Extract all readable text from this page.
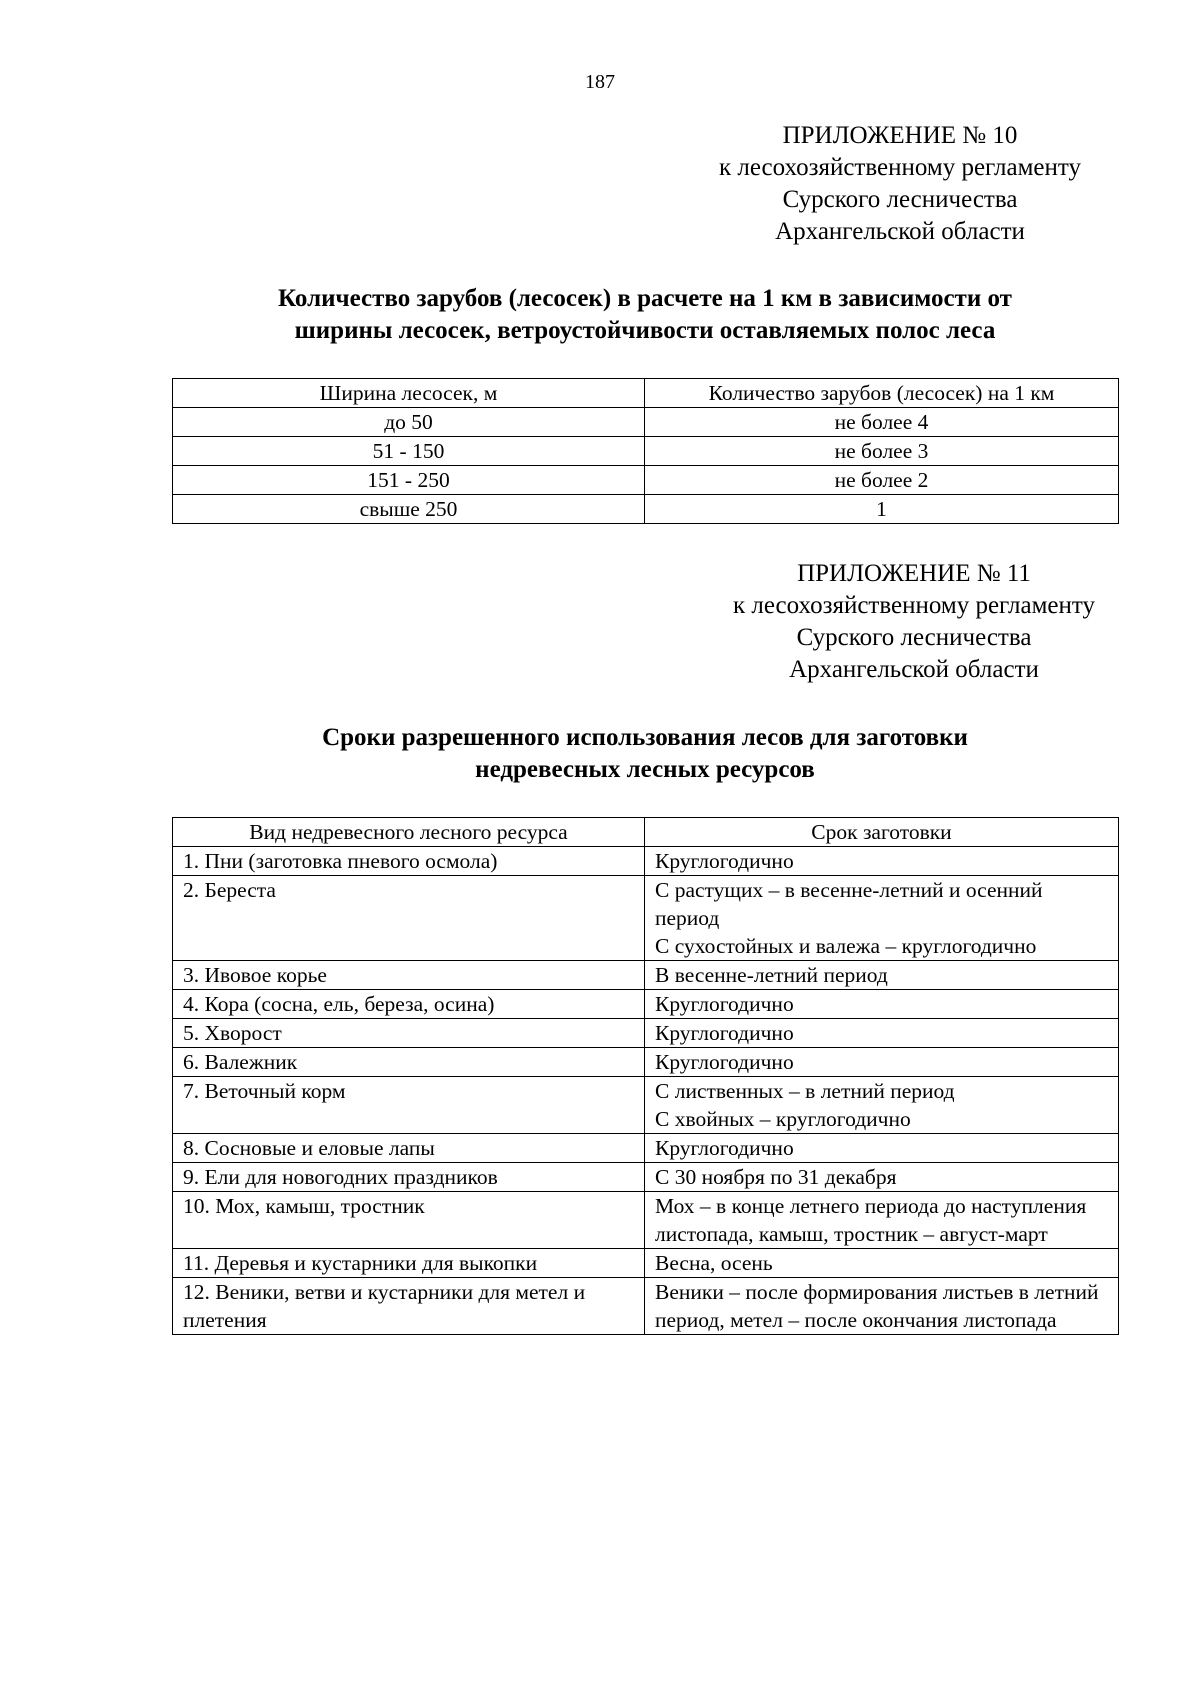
187
ПРИЛОЖЕНИЕ № 10
к лесохозяйственному регламенту
Сурского лесничества
Архангельской области
Количество зарубов (лесосек) в расчете на 1 км в зависимости от
ширины лесосек, ветроустойчивости оставляемых полос леса
Ширина лесосек, м	Количество зарубов (лесосек) на 1 км
до 50	не более 4
51 - 150	не более 3
151 - 250	не более 2
свыше 250	1
ПРИЛОЖЕНИЕ № 11
к лесохозяйственному регламенту
Сурского лесничества
Архангельской области
Сроки разрешенного использования лесов для заготовки
недревесных лесных ресурсов
Вид недревесного лесного ресурса	Срок заготовки
1. Пни (заготовка пневого осмола)	Круглогодично

2. Береста	С растущих – в весенне-летний и осенний период
С сухостойных и валежа – круглогодично

3. Ивовое корье	В весенне-летний период

4. Кора (сосна, ель, береза, осина)	Круглогодично

5. Хворост	Круглогодично

6. Валежник	Круглогодично

7. Веточный корм	С лиственных – в летний период
С хвойных – круглогодично

8. Сосновые и еловые лапы	Круглогодично

9. Ели для новогодних праздников	С 30 ноября по 31 декабря

10. Мох, камыш, тростник	Мох – в конце летнего периода до наступления листопада, камыш, тростник – август-март

11. Деревья и кустарники для выкопки	Весна, осень

12. Веники, ветви и кустарники для метел и плетения	Веники – после формирования листьев в летний период, метел – после окончания листопада
